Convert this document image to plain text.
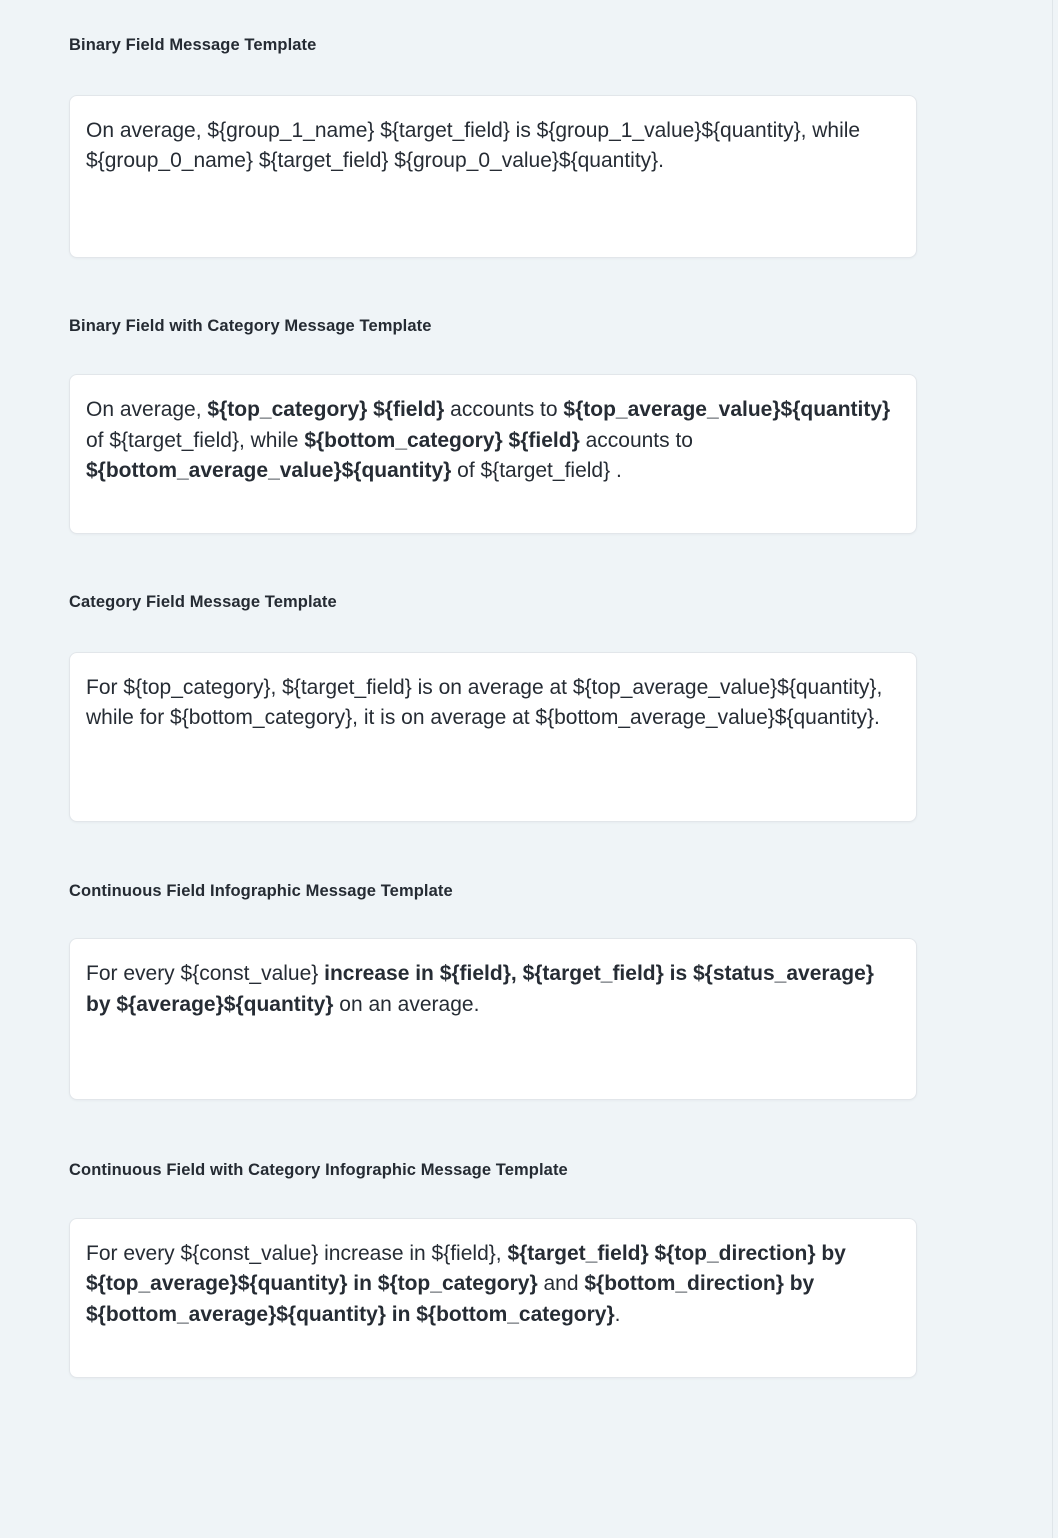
Binary Field Message Template
On average, ${group_1_name} ${target_field} is ${group_1_value}${quantity}, while ${group_0_name} ${target_field} ${group_0_value}${quantity}.
Binary Field with Category Message Template
On average, ${top_category} ${field} accounts to ${top_average_value}${quantity} of ${target_field}, while ${bottom_category} ${field} accounts to ${bottom_average_value}${quantity} of ${target_field} .
Category Field Message Template
For ${top_category}, ${target_field} is on average at ${top_average_value}${quantity}, while for ${bottom_category}, it is on average at ${bottom_average_value}${quantity}.
Continuous Field Infographic Message Template
For every ${const_value} increase in ${field}, ${target_field} is ${status_average} by ${average}${quantity} on an average.
Continuous Field with Category Infographic Message Template
For every ${const_value} increase in ${field}, ${target_field} ${top_direction} by ${top_average}${quantity} in ${top_category} and ${bottom_direction} by ${bottom_average}${quantity} in ${bottom_category}.
